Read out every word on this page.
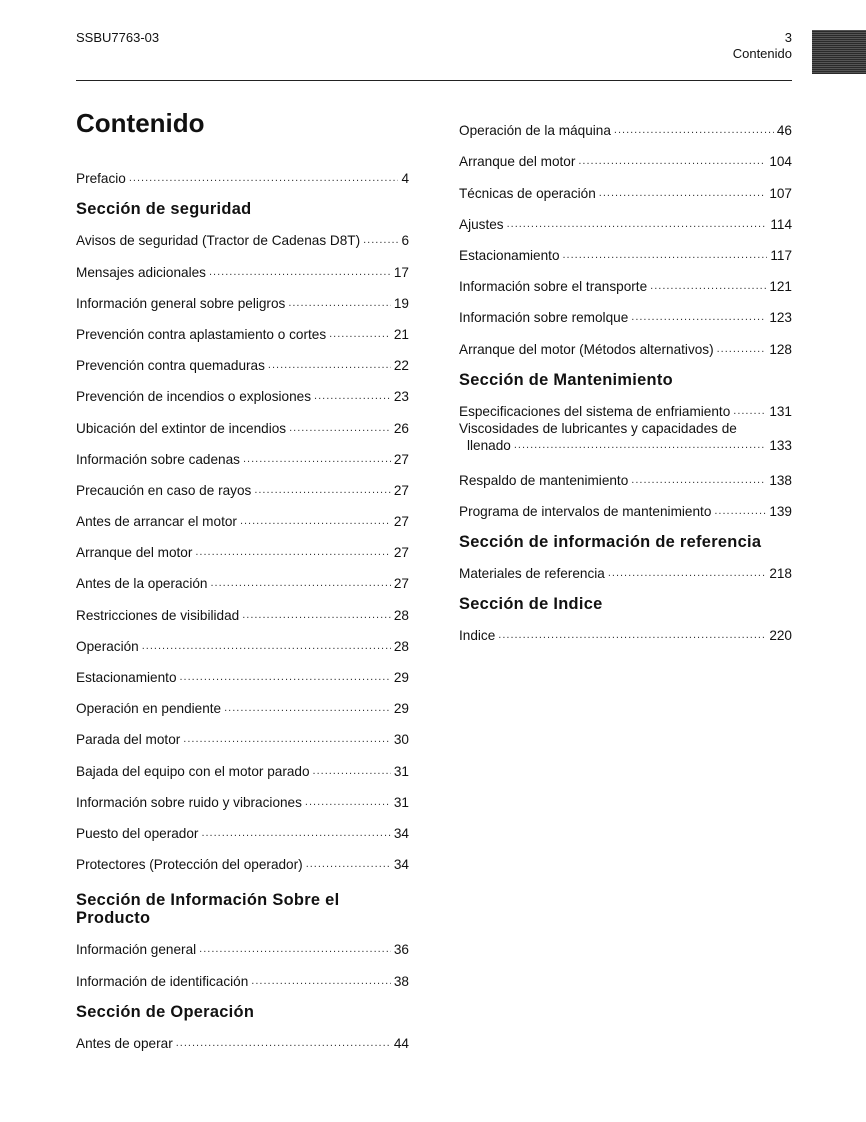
SSBU7763-03	3
Contenido
Contenido
Prefacio .....	4
Sección de seguridad
Avisos de seguridad (Tractor de Cadenas D8T) .....	6
Mensajes adicionales .....	17
Información general sobre peligros .....	19
Prevención contra aplastamiento o cortes .....	21
Prevención contra quemaduras .....	22
Prevención de incendios o explosiones .....	23
Ubicación del extintor de incendios .....	26
Información sobre cadenas .....	27
Precaución en caso de rayos .....	27
Antes de arrancar el motor .....	27
Arranque del motor .....	27
Antes de la operación .....	27
Restricciones de visibilidad .....	28
Operación .....	28
Estacionamiento .....	29
Operación en pendiente .....	29
Parada del motor .....	30
Bajada del equipo con el motor parado .....	31
Información sobre ruido y vibraciones .....	31
Puesto del operador .....	34
Protectores (Protección del operador) .....	34
Sección de Información Sobre el Producto
Información general .....	36
Información de identificación .....	38
Sección de Operación
Antes de operar .....	44
Operación de la máquina .....	46
Arranque del motor .....	104
Técnicas de operación .....	107
Ajustes .....	114
Estacionamiento .....	117
Información sobre el transporte .....	121
Información sobre remolque .....	123
Arranque del motor (Métodos alternativos) .....	128
Sección de Mantenimiento
Especificaciones del sistema de enfriamiento .....	131
Viscosidades de lubricantes y capacidades de
llenado .....	133
Respaldo de mantenimiento .....	138
Programa de intervalos de mantenimiento .....	139
Sección de información de referencia
Materiales de referencia .....	218
Sección de Indice
Indice .....	220
